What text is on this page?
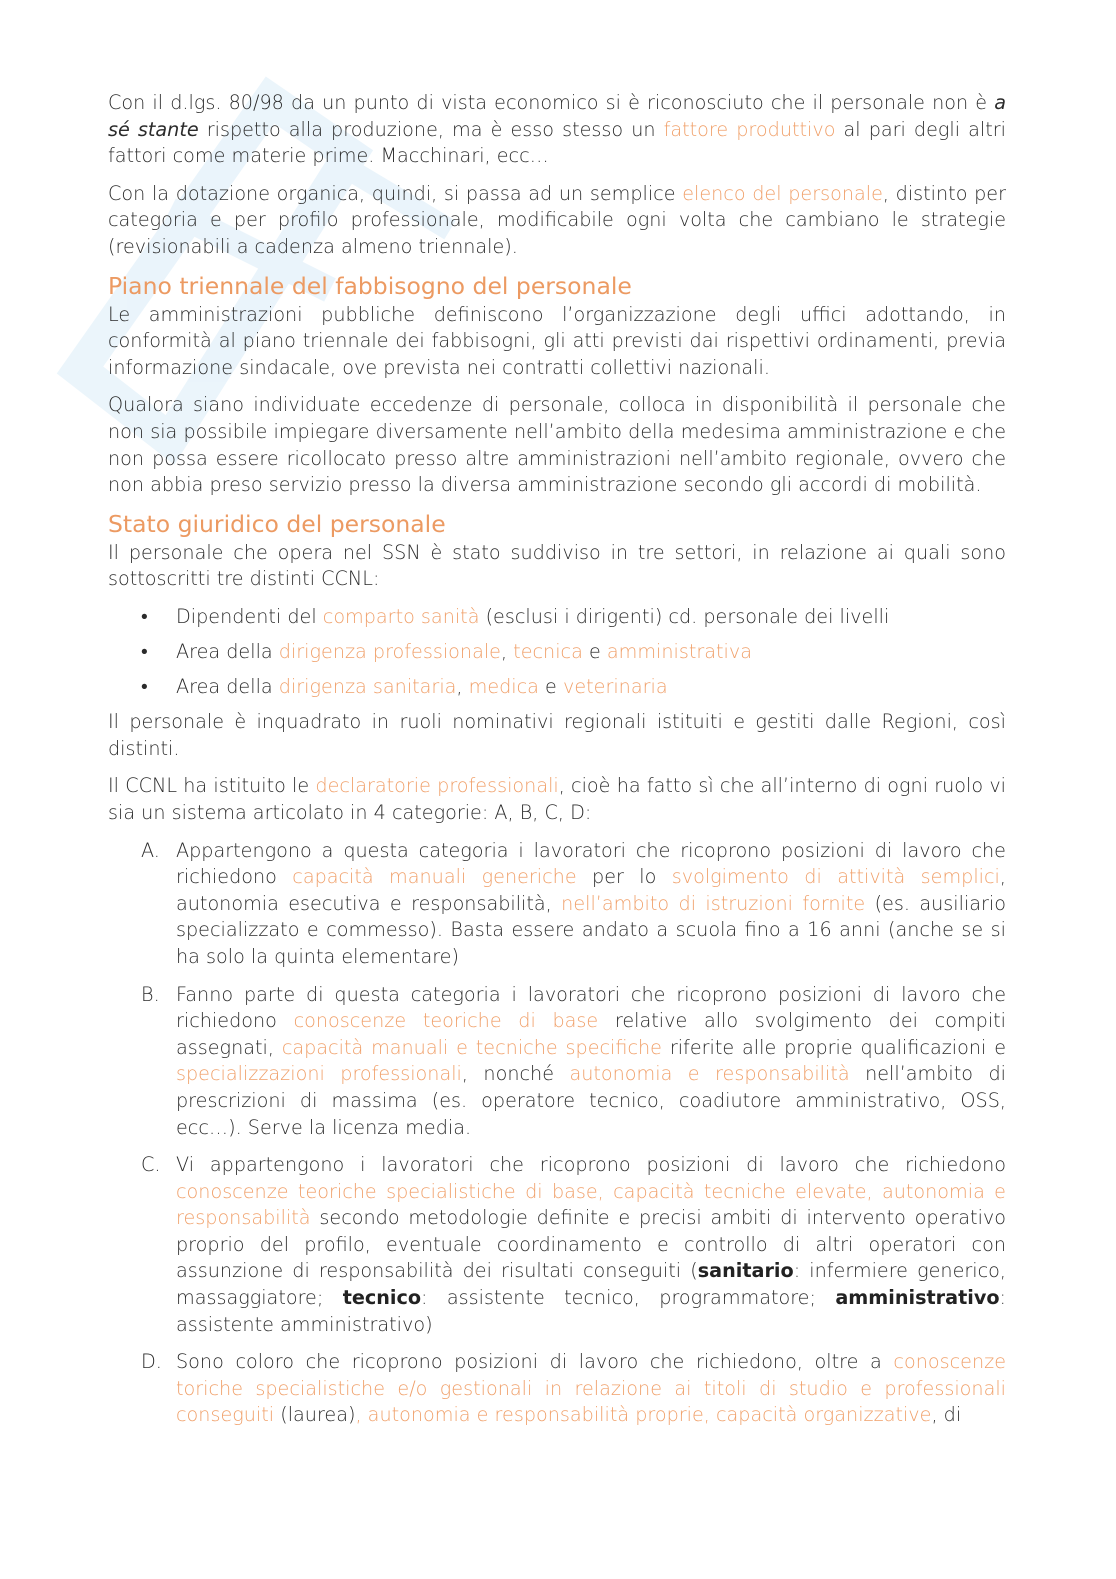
Con il d.lgs. 80/98 da un punto di vista economico si è riconosciuto che il personale non è a sé stante rispetto alla produzione, ma è esso stesso un fattore produttivo al pari degli altri fattori come materie prime. Macchinari, ecc…

Con la dotazione organica, quindi, si passa ad un semplice elenco del personale, distinto per categoria e per profilo professionale, modificabile ogni volta che cambiano le strategie (revisionabili a cadenza almeno triennale).

Piano triennale del fabbisogno del personale

Le amministrazioni pubbliche definiscono l’organizzazione degli uffici adottando, in conformità al piano triennale dei fabbisogni, gli atti previsti dai rispettivi ordinamenti, previa informazione sindacale, ove prevista nei contratti collettivi nazionali.

Qualora siano individuate eccedenze di personale, colloca in disponibilità il personale che non sia possibile impiegare diversamente nell’ambito della medesima amministrazione e che non possa essere ricollocato presso altre amministrazioni nell’ambito regionale, ovvero che non abbia preso servizio presso la diversa amministrazione secondo gli accordi di mobilità.

Stato giuridico del personale

Il personale che opera nel SSN è stato suddiviso in tre settori, in relazione ai quali sono sottoscritti tre distinti CCNL:

• Dipendenti del comparto sanità (esclusi i dirigenti) cd. personale dei livelli
• Area della dirigenza professionale, tecnica e amministrativa
• Area della dirigenza sanitaria, medica e veterinaria

Il personale è inquadrato in ruoli nominativi regionali istituiti e gestiti dalle Regioni, così distinti.

Il CCNL ha istituito le declaratorie professionali, cioè ha fatto sì che all’interno di ogni ruolo vi sia un sistema articolato in 4 categorie: A, B, C, D:

A. Appartengono a questa categoria i lavoratori che ricoprono posizioni di lavoro che richiedono capacità manuali generiche per lo svolgimento di attività semplici, autonomia esecutiva e responsabilità, nell’ambito di istruzioni fornite (es. ausiliario specializzato e commesso). Basta essere andato a scuola fino a 16 anni (anche se si ha solo la quinta elementare)
B. Fanno parte di questa categoria i lavoratori che ricoprono posizioni di lavoro che richiedono conoscenze teoriche di base relative allo svolgimento dei compiti assegnati, capacità manuali e tecniche specifiche riferite alle proprie qualificazioni e specializzazioni professionali, nonché autonomia e responsabilità nell’ambito di prescrizioni di massima (es. operatore tecnico, coadiutore amministrativo, OSS, ecc…). Serve la licenza media.
C. Vi appartengono i lavoratori che ricoprono posizioni di lavoro che richiedono conoscenze teoriche specialistiche di base, capacità tecniche elevate, autonomia e responsabilità secondo metodologie definite e precisi ambiti di intervento operativo proprio del profilo, eventuale coordinamento e controllo di altri operatori con assunzione di responsabilità dei risultati conseguiti (sanitario: infermiere generico, massaggiatore; tecnico: assistente tecnico, programmatore; amministrativo: assistente amministrativo)
D. Sono coloro che ricoprono posizioni di lavoro che richiedono, oltre a conoscenze toriche specialistiche e/o gestionali in relazione ai titoli di studio e professionali conseguiti (laurea), autonomia e responsabilità proprie, capacità organizzative, di
